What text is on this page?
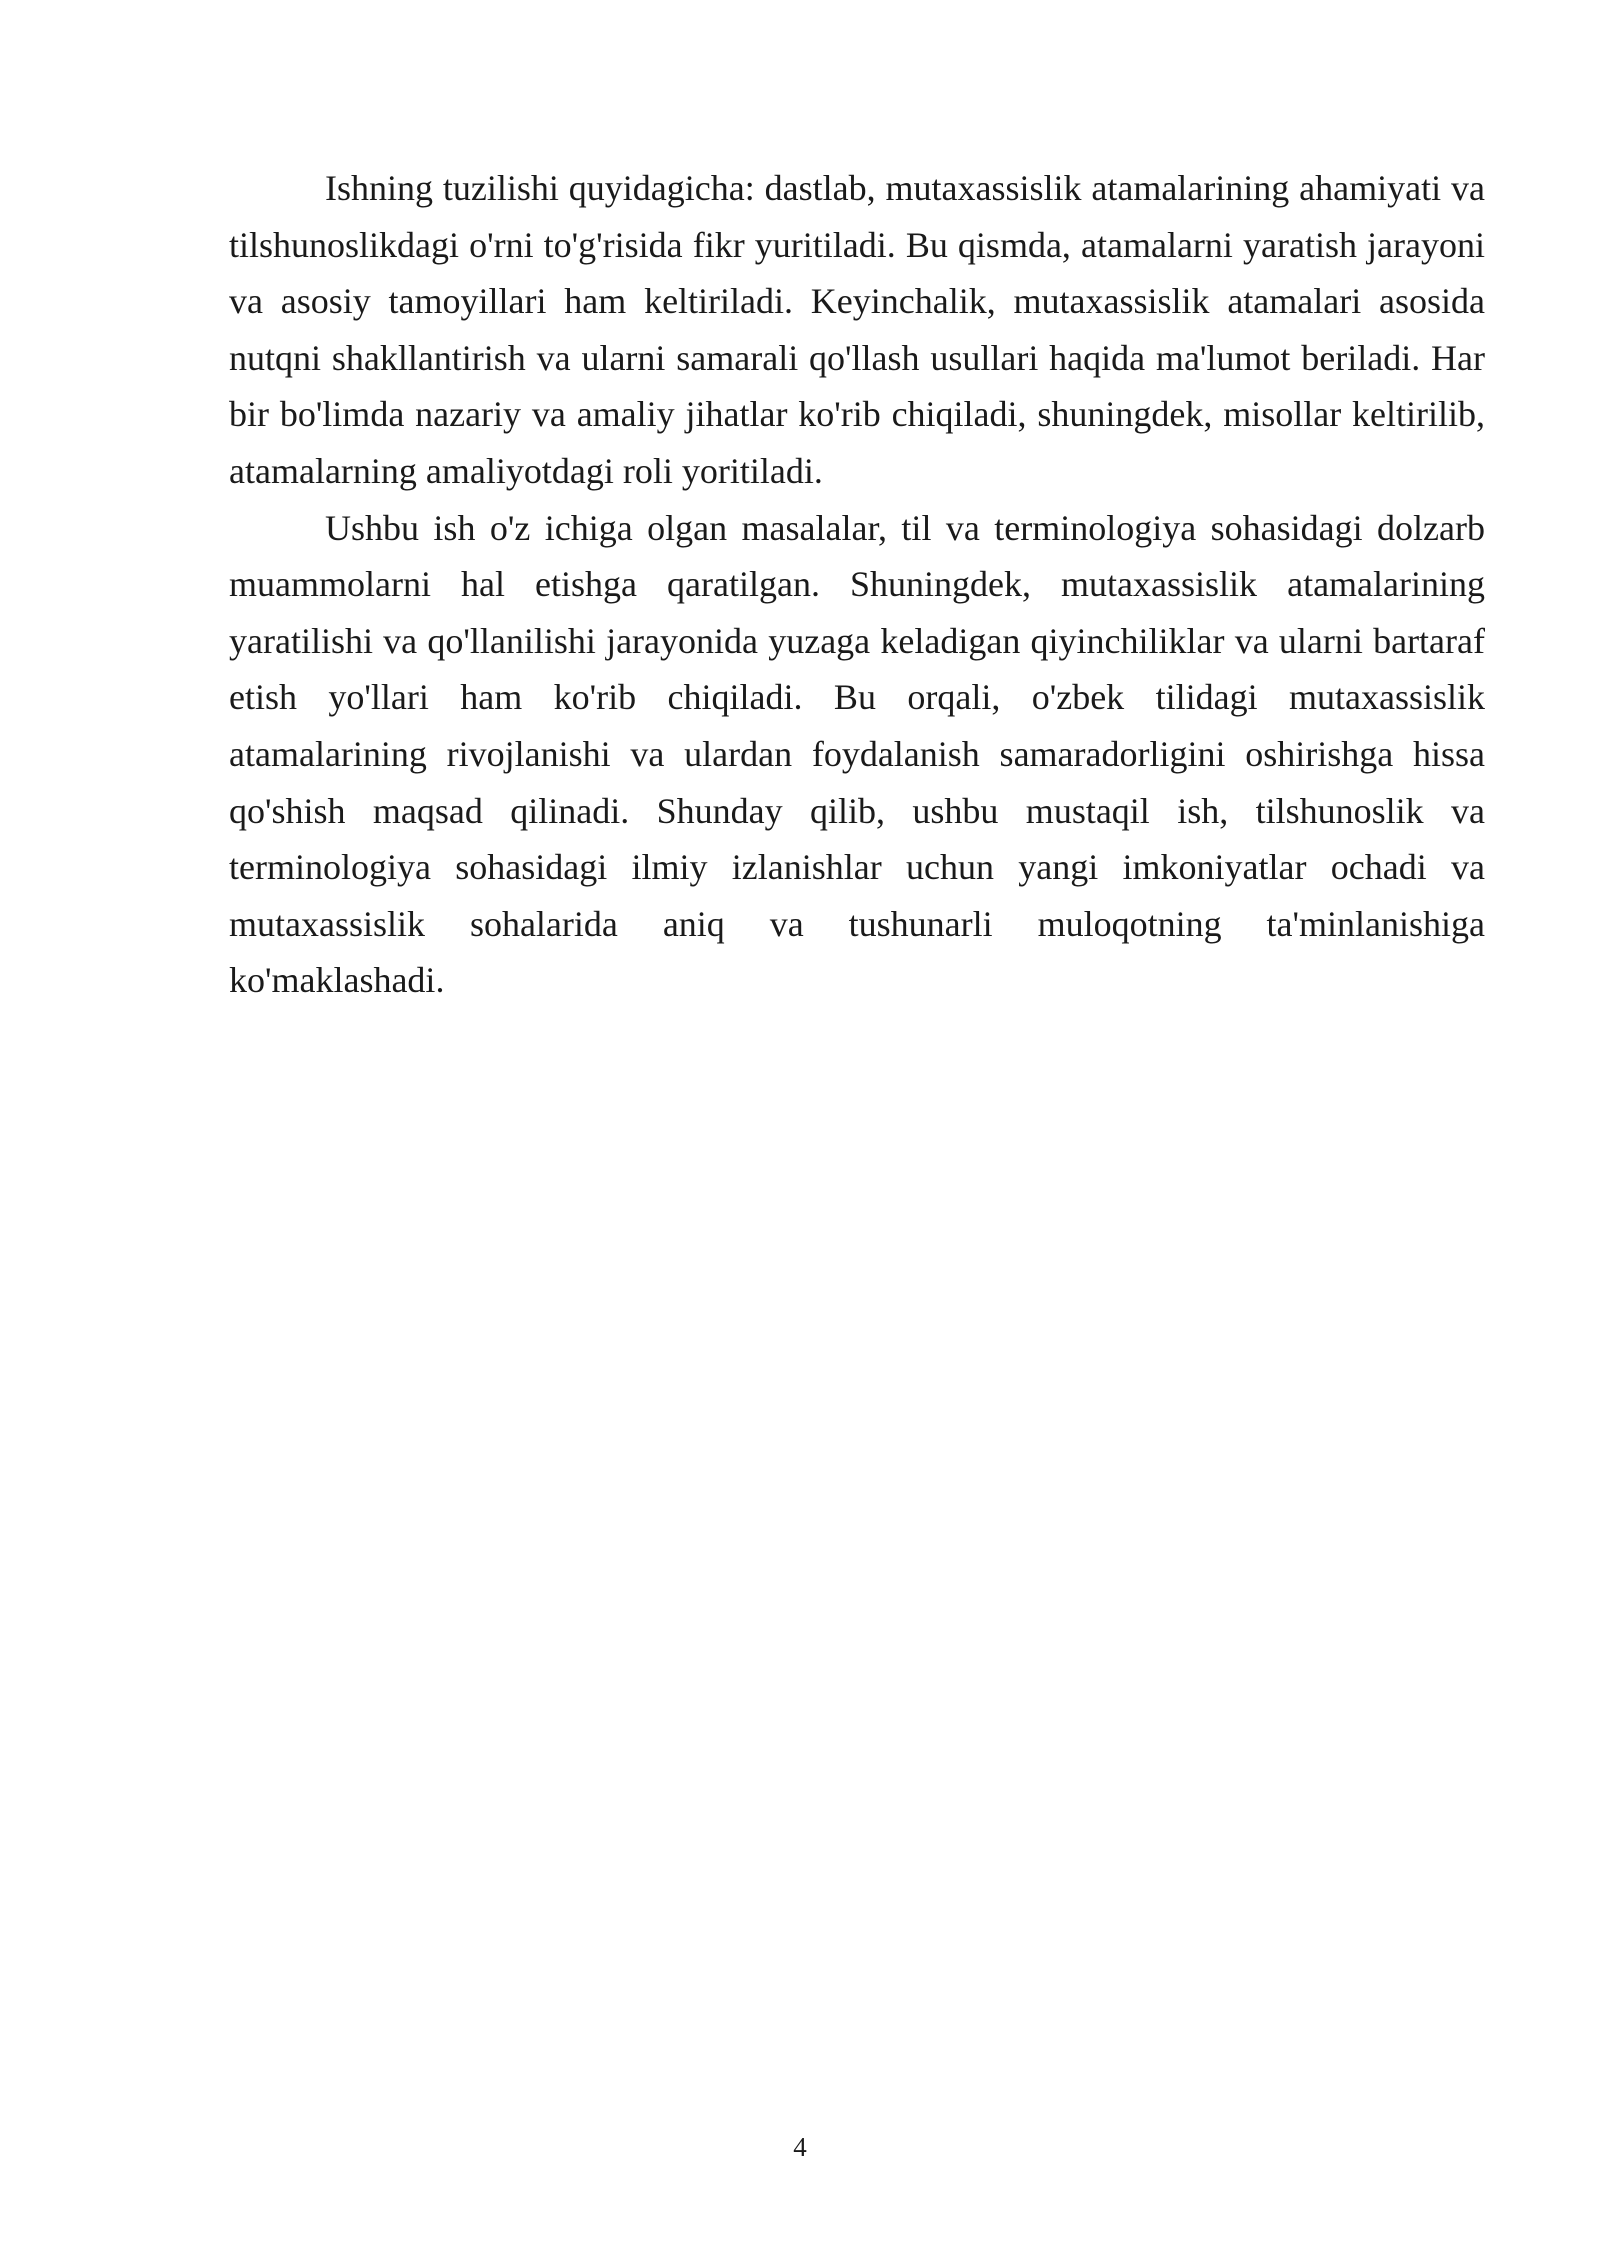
Ishning tuzilishi quyidagicha: dastlab, mutaxassislik atamalarining ahamiyati va tilshunoslikdagi o'rni to'g'risida fikr yuritiladi. Bu qismda, atamalarni yaratish jarayoni va asosiy tamoyillari ham keltiriladi. Keyinchalik, mutaxassislik atamalari asosida nutqni shakllantirish va ularni samarali qo'llash usullari haqida ma'lumot beriladi. Har bir bo'limda nazariy va amaliy jihatlar ko'rib chiqiladi, shuningdek, misollar keltirilib, atamalarning amaliyotdagi roli yoritiladi.

Ushbu ish o'z ichiga olgan masalalar, til va terminologiya sohasidagi dolzarb muammolarni hal etishga qaratilgan. Shuningdek, mutaxassislik atamalarining yaratilishi va qo'llanilishi jarayonida yuzaga keladigan qiyinchiliklar va ularni bartaraf etish yo'llari ham ko'rib chiqiladi. Bu orqali, o'zbek tilidagi mutaxassislik atamalarining rivojlanishi va ulardan foydalanish samaradorligini oshirishga hissa qo'shish maqsad qilinadi. Shunday qilib, ushbu mustaqil ish, tilshunoslik va terminologiya sohasidagi ilmiy izlanishlar uchun yangi imkoniyatlar ochadi va mutaxassislik sohalarida aniq va tushunarli muloqotning ta'minlanishiga ko'maklashadi.

4
